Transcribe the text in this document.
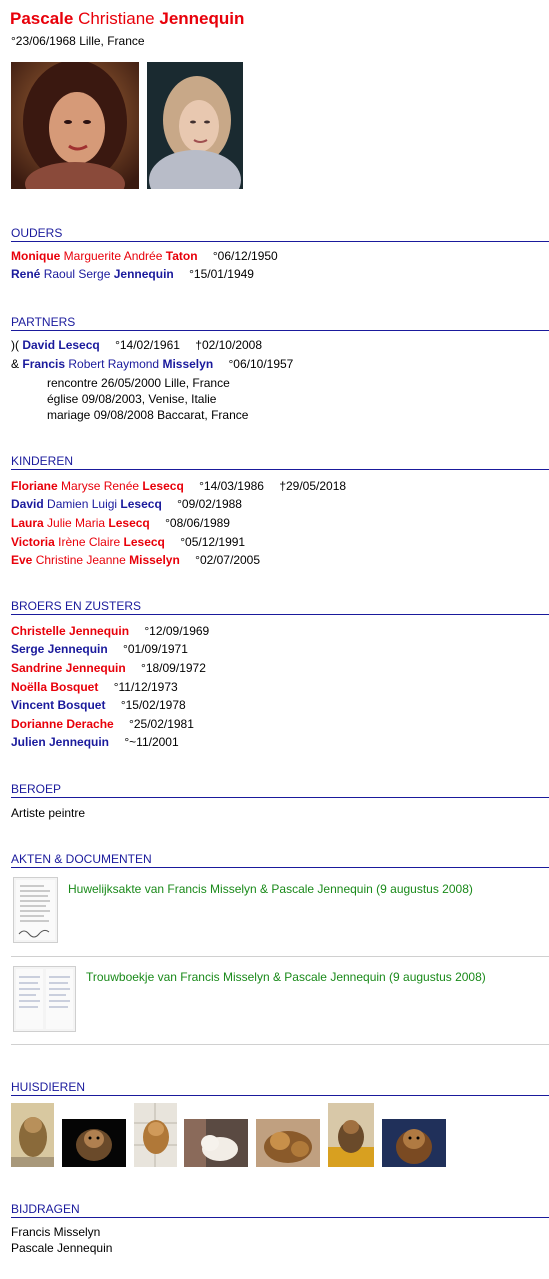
Pascale Christiane Jennequin
°23/06/1968 Lille, France
OUDERS
Monique Marguerite Andrée Taton °06/12/1950
René Raoul Serge Jennequin °15/01/1949
PARTNERS
)( David Lesecq °14/02/1961 †02/10/2008
& Francis Robert Raymond Misselyn °06/10/1957
rencontre 26/05/2000 Lille, France
église 09/08/2003, Venise, Italie
mariage 09/08/2008 Baccarat, France
KINDEREN
Floriane Maryse Renée Lesecq °14/03/1986 †29/05/2018
David Damien Luigi Lesecq °09/02/1988
Laura Julie Maria Lesecq °08/06/1989
Victoria Irène Claire Lesecq °05/12/1991
Eve Christine Jeanne Misselyn °02/07/2005
BROERS EN ZUSTERS
Christelle Jennequin °12/09/1969
Serge Jennequin °01/09/1971
Sandrine Jennequin °18/09/1972
Noëlla Bosquet °11/12/1973
Vincent Bosquet °15/02/1978
Dorianne Derache °25/02/1981
Julien Jennequin °~11/2001
BEROEP
Artiste peintre
AKTEN & DOCUMENTEN
Huwelijksakte van Francis Misselyn & Pascale Jennequin (9 augustus 2008)
Trouwboekje van Francis Misselyn & Pascale Jennequin (9 augustus 2008)
HUISDIEREN
BIJDRAGEN
Francis Misselyn
Pascale Jennequin
